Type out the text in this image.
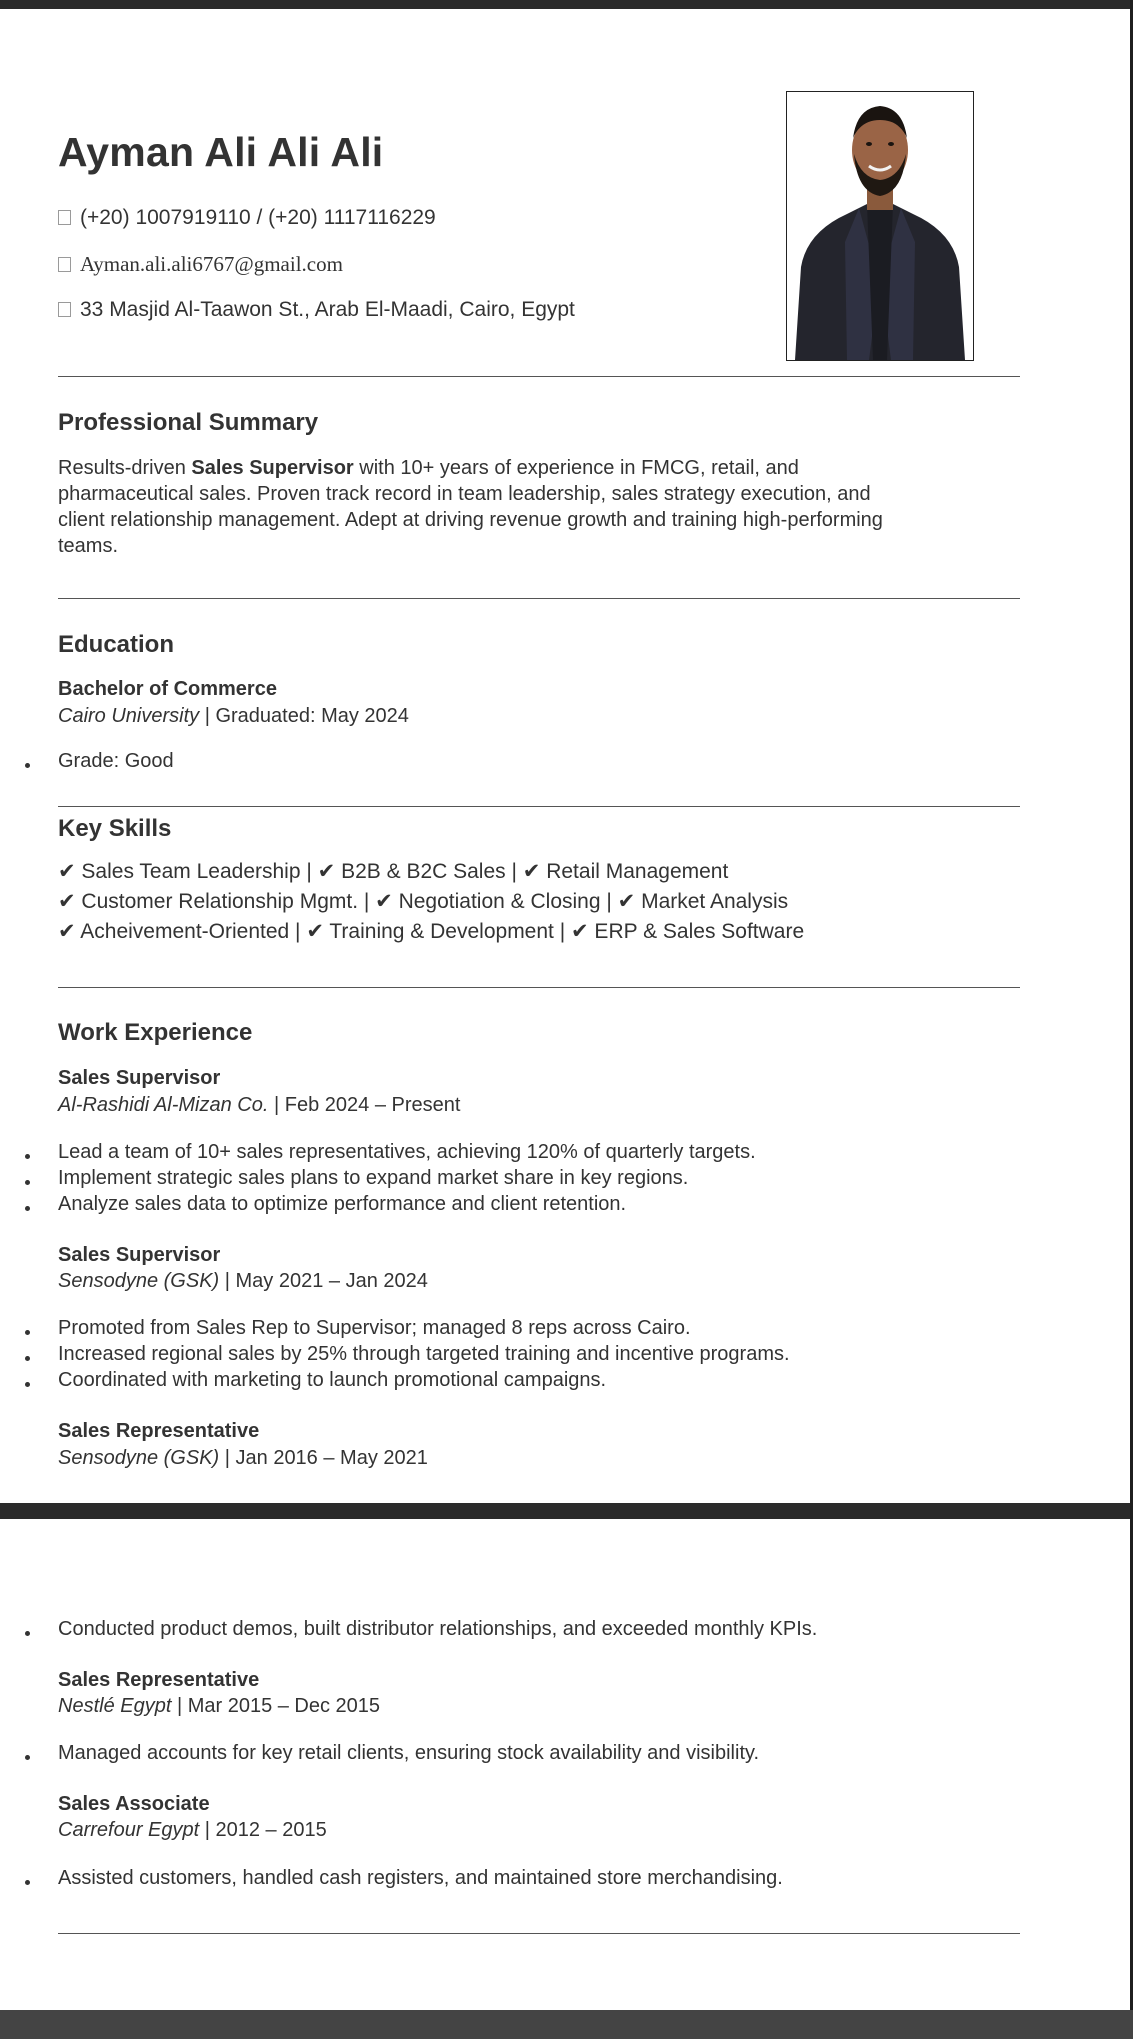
Ayman Ali Ali Ali
(+20) 1007919110 / (+20) 1117116229
Ayman.ali.ali6767@gmail.com
33 Masjid Al-Taawon St., Arab El-Maadi, Cairo, Egypt
Professional Summary
Results-driven Sales Supervisor with 10+ years of experience in FMCG, retail, and
pharmaceutical sales. Proven track record in team leadership, sales strategy execution, and
client relationship management. Adept at driving revenue growth and training high-performing
teams.
Education
Bachelor of Commerce
Cairo University | Graduated: May 2024
Grade: Good
Key Skills
✔ Sales Team Leadership | ✔ B2B & B2C Sales | ✔ Retail Management
✔ Customer Relationship Mgmt. | ✔ Negotiation & Closing | ✔ Market Analysis
✔ Acheivement-Oriented | ✔ Training & Development | ✔ ERP & Sales Software
Work Experience
Sales Supervisor
Al-Rashidi Al-Mizan Co. | Feb 2024 – Present
Lead a team of 10+ sales representatives, achieving 120% of quarterly targets.
Implement strategic sales plans to expand market share in key regions.
Analyze sales data to optimize performance and client retention.
Sales Supervisor
Sensodyne (GSK) | May 2021 – Jan 2024
Promoted from Sales Rep to Supervisor; managed 8 reps across Cairo.
Increased regional sales by 25% through targeted training and incentive programs.
Coordinated with marketing to launch promotional campaigns.
Sales Representative
Sensodyne (GSK) | Jan 2016 – May 2021
Conducted product demos, built distributor relationships, and exceeded monthly KPIs.
Sales Representative
Nestlé Egypt | Mar 2015 – Dec 2015
Managed accounts for key retail clients, ensuring stock availability and visibility.
Sales Associate
Carrefour Egypt | 2012 – 2015
Assisted customers, handled cash registers, and maintained store merchandising.
